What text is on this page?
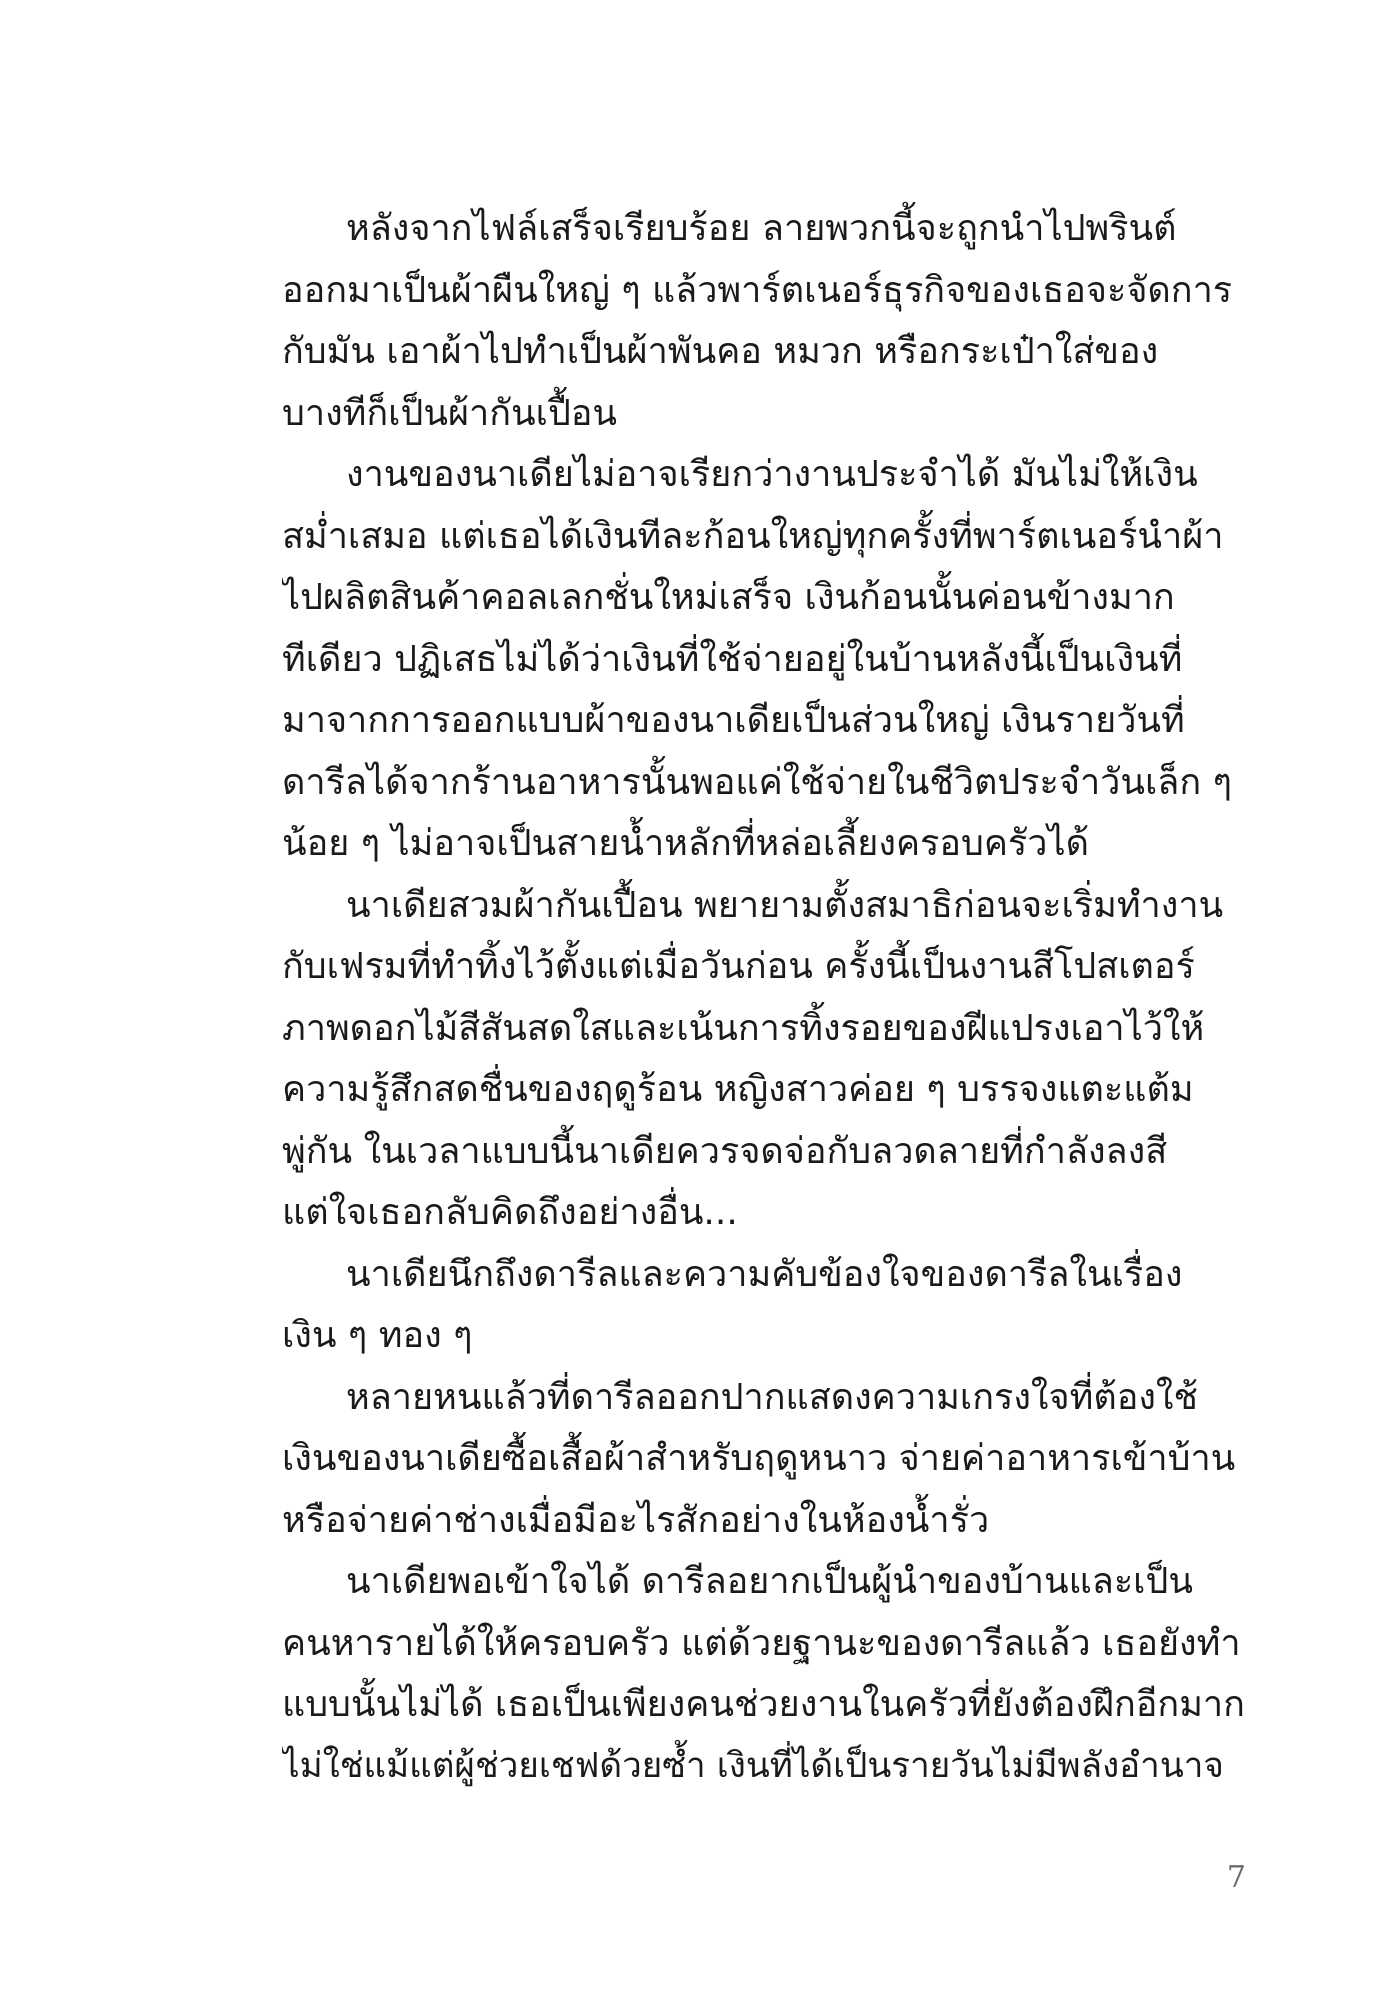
หลังจากไฟล์เสร็จเรียบร้อย ลายพวกนี้จะถูกนำไปพรินต์
ออกมาเป็นผ้าผืนใหญ่ ๆ แล้วพาร์ตเนอร์ธุรกิจของเธอจะจัดการ
กับมัน เอาผ้าไปทำเป็นผ้าพันคอ หมวก หรือกระเป๋าใส่ของ
บางทีก็เป็นผ้ากันเปื้อน
งานของนาเดียไม่อาจเรียกว่างานประจำได้ มันไม่ให้เงิน
สม่ำเสมอ แต่เธอได้เงินทีละก้อนใหญ่ทุกครั้งที่พาร์ตเนอร์นำผ้า
ไปผลิตสินค้าคอลเลกชั่นใหม่เสร็จ เงินก้อนนั้นค่อนข้างมาก
ทีเดียว ปฏิเสธไม่ได้ว่าเงินที่ใช้จ่ายอยู่ในบ้านหลังนี้เป็นเงินที่
มาจากการออกแบบผ้าของนาเดียเป็นส่วนใหญ่ เงินรายวันที่
ดารีลได้จากร้านอาหารนั้นพอแค่ใช้จ่ายในชีวิตประจำวันเล็ก ๆ
น้อย ๆ ไม่อาจเป็นสายน้ำหลักที่หล่อเลี้ยงครอบครัวได้
นาเดียสวมผ้ากันเปื้อน พยายามตั้งสมาธิก่อนจะเริ่มทำงาน
กับเฟรมที่ทำทิ้งไว้ตั้งแต่เมื่อวันก่อน ครั้งนี้เป็นงานสีโปสเตอร์
ภาพดอกไม้สีสันสดใสและเน้นการทิ้งรอยของฝีแปรงเอาไว้ให้
ความรู้สึกสดชื่นของฤดูร้อน หญิงสาวค่อย ๆ บรรจงแตะแต้ม
พู่กัน ในเวลาแบบนี้นาเดียควรจดจ่อกับลวดลายที่กำลังลงสี
แต่ใจเธอกลับคิดถึงอย่างอื่น...
นาเดียนึกถึงดารีลและความคับข้องใจของดารีลในเรื่อง
เงิน ๆ ทอง ๆ
หลายหนแล้วที่ดารีลออกปากแสดงความเกรงใจที่ต้องใช้
เงินของนาเดียซื้อเสื้อผ้าสำหรับฤดูหนาว จ่ายค่าอาหารเข้าบ้าน
หรือจ่ายค่าช่างเมื่อมีอะไรสักอย่างในห้องน้ำรั่ว
นาเดียพอเข้าใจได้ ดารีลอยากเป็นผู้นำของบ้านและเป็น
คนหารายได้ให้ครอบครัว แต่ด้วยฐานะของดารีลแล้ว เธอยังทำ
แบบนั้นไม่ได้ เธอเป็นเพียงคนช่วยงานในครัวที่ยังต้องฝึกอีกมาก
ไม่ใช่แม้แต่ผู้ช่วยเชฟด้วยซ้ำ เงินที่ได้เป็นรายวันไม่มีพลังอำนาจ
7
